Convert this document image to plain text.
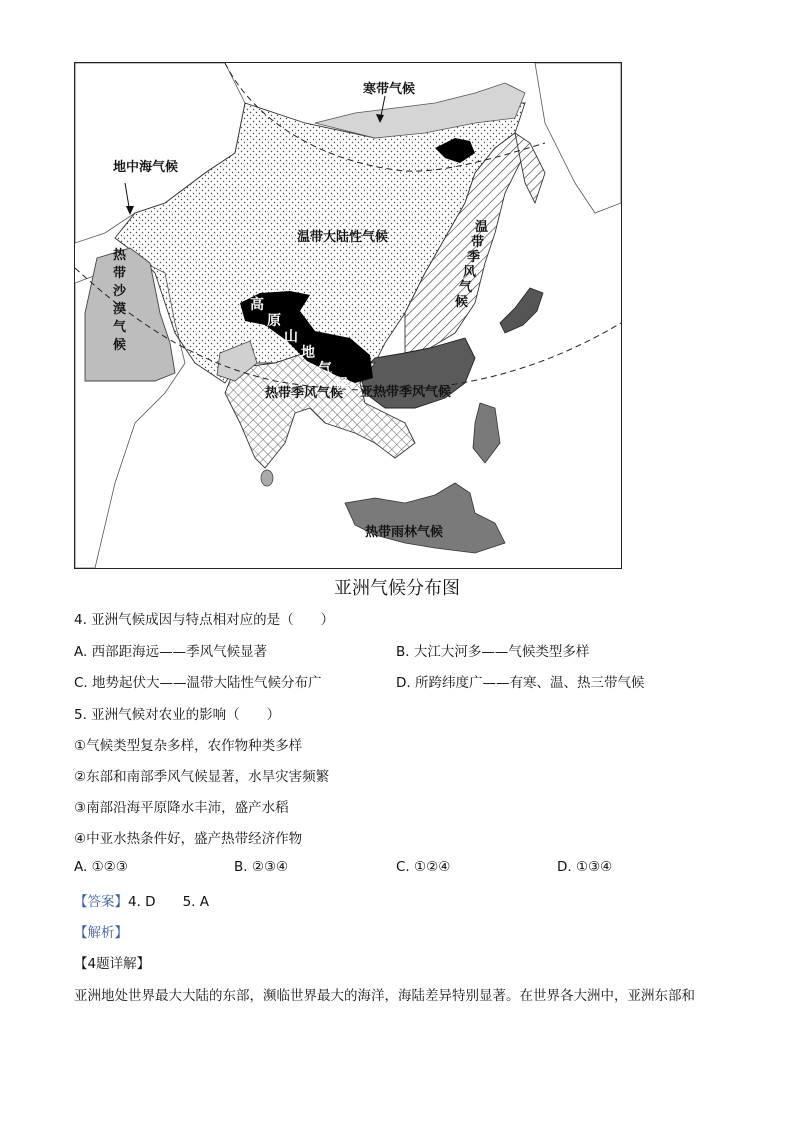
寒带气候
地中海气候
温带大陆性气候
亚热带季风气候
热带季风气候
热带雨林气候
热
带
沙
漠
气
候
温
带
季
风
气
候
高
原
山
地
气
候
亚洲气候分布图
4. 亚洲气候成因与特点相对应的是（　　）
A. 西部距海远——季风气候显著	B. 大江大河多——气候类型多样
C. 地势起伏大——温带大陆性气候分布广	D. 所跨纬度广——有寒、温、热三带气候
5. 亚洲气候对农业的影响（　　）
①气候类型复杂多样，农作物种类多样
②东部和南部季风气候显著，水旱灾害频繁
③南部沿海平原降水丰沛，盛产水稻
④中亚水热条件好，盛产热带经济作物
A. ①②③	B. ②③④	C. ①②④	D. ①③④
【答案】4. D　　5. A
【解析】
【4题详解】
亚洲地处世界最大大陆的东部，濒临世界最大的海洋，海陆差异特别显著。在世界各大洲中，亚洲东部和
